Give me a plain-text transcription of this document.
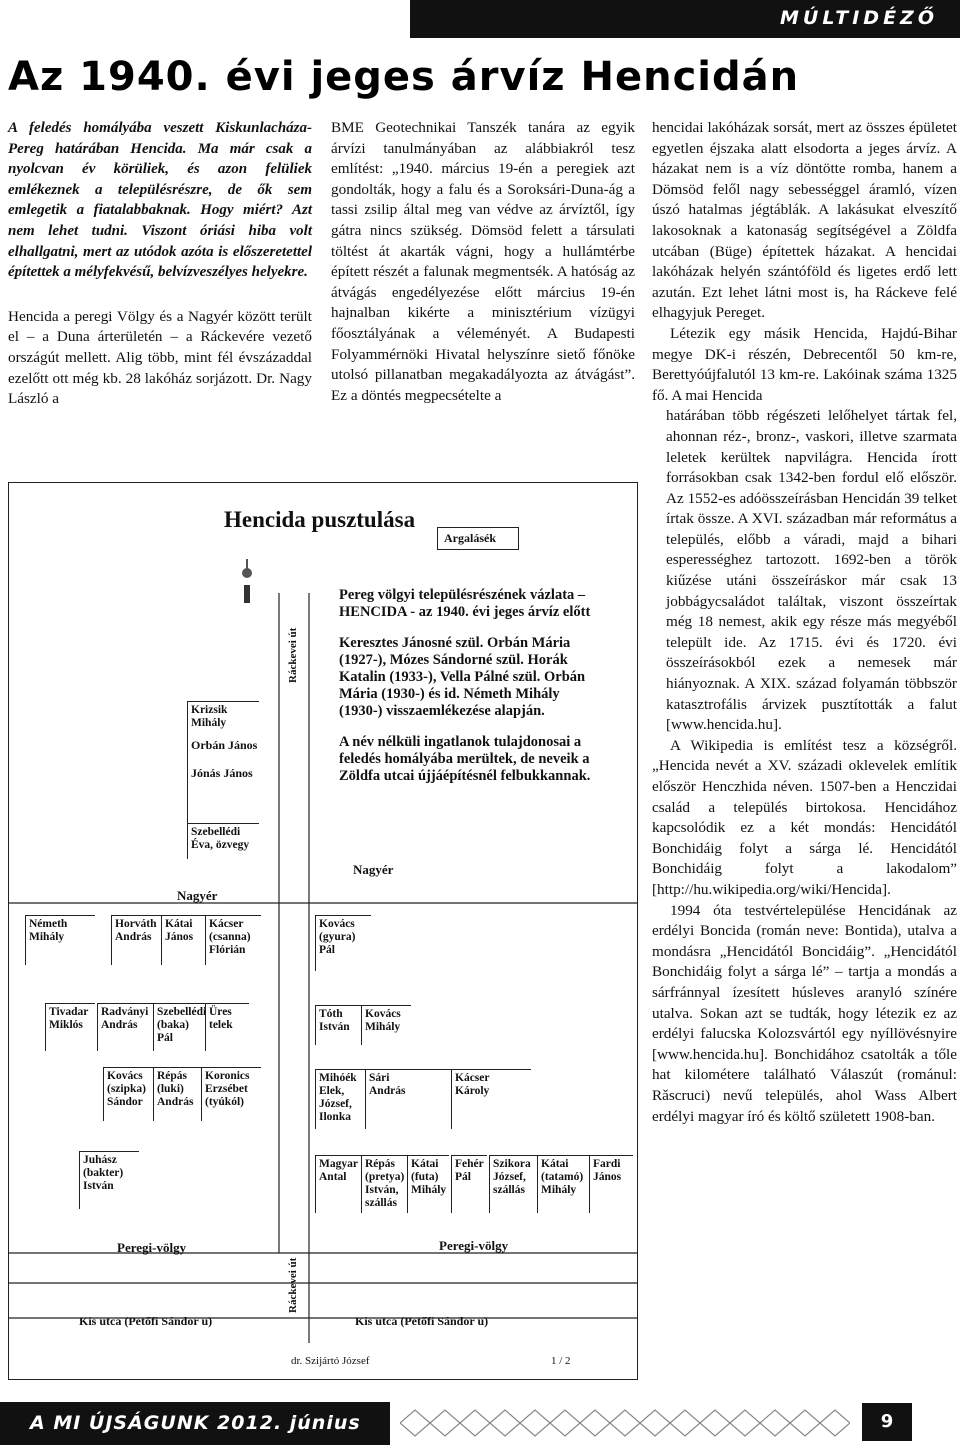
MÚLTIDÉZŐ
Az 1940. évi jeges árvíz Hencidán

A feledés homályába veszett Kiskunlacháza-Pereg határában Hencida. Ma már csak a nyolcvan év körüliek, és azon felüliek emlékeznek a településrészre, de ők sem emlegetik a fiatalabbaknak. Hogy miért? Azt nem lehet tudni. Viszont óriási hiba volt elhallgatni, mert az utódok azóta is előszeretettel építettek a mélyfekvésű, belvízveszélyes helyekre.

Hencida a peregi Völgy és a Nagyér között terült el – a Duna árterületén – a Ráckevére vezető országút mellett. Alig több, mint fél évszázaddal ezelőtt ott még kb. 28 lakóház sorjázott. Dr. Nagy László a

BME Geotechnikai Tanszék tanára az egyik árvízi tanulmányában az alábbiakról tesz említést: „1940. március 19-én a peregiek azt gondolták, hogy a falu és a Soroksári-Duna-ág a tassi zsilip által meg van védve az árvíztől, így gátra nincs szükség. Dömsöd felett a társulati töltést át akarták vágni, hogy a hullámtérbe épített részét a falunak megmentsék. A hatóság az átvágás engedélyezése előtt március 19-én hajnalban kikérte a minisztérium vízügyi főosztályának a véleményét. A Budapesti Folyammérnöki Hivatal helyszínre siető főnöke utolsó pillanatban megakadályozta az átvágást”. Ez a döntés megpecsételte a

hencidai lakóházak sorsát, mert az összes épületet egyetlen éjszaka alatt elsodorta a jeges árvíz. A házakat nem is a víz döntötte romba, hanem a Dömsöd felől nagy sebességgel áramló, vízen úszó hatalmas jégtáblák. A lakásukat elveszítő lakosoknak a katonaság segítségével a Zöldfa utcában (Büge) építettek házakat. A hencidai lakóházak helyén szántóföld és ligetes erdő lett azután. Ezt lehet látni most is, ha Ráckeve felé elhagyjuk Pereget.

Létezik egy másik Hencida, Hajdú-Bihar megye DK-i részén, Debrecentől 50 km-re, Berettyóújfalutól 13 km-re. Lakóinak száma 1325 fő. A mai Hencida

határában több régészeti lelőhelyet tártak fel, ahonnan réz-, bronz-, vaskori, illetve szarmata leletek kerültek napvilágra. Hencida írott forrásokban csak 1342-ben fordul elő először. Az 1552-es adóösszeírásban Hencidán 39 telket írtak össze. A XVI. században már református a település, előbb a váradi, majd a bihari esperességhez tartozott. 1692-ben a török kiűzése utáni összeíráskor már csak 13 jobbágycsaládot találtak, viszont összeírtak még 18 nemest, akik egy része más megyéből települt ide. Az 1715. évi és 1720. évi összeírásokból ezek a nemesek már hiányoznak. A XIX. század folyamán többször katasztrofális árvizek pusztították a falut [www.hencida.hu].

A Wikipedia is említést tesz a községről. „Hencida nevét a XV. századi oklevelek említik először Henczhida néven. 1507-ben a Henczidai család a település birtokosa. Hencidához kapcsolódik ez a két mondás: Hencidától Bonchidáig folyt a sárga lé. Hencidától Bonchidáig folyt a lakodalom” [http://hu.wikipedia.org/wiki/Hencida].

1994 óta testvértelepülése Hencidának az erdélyi Boncida (román neve: Bontida), utalva a mondásra „Hencidától Boncidáig”. „Hencidától Bonchidáig folyt a sárga lé” – tartja a mondás a sárfránnyal ízesített húsleves aranyló színére utalva. Sokan azt se tudták, hogy létezik ez az erdélyi falucska Kolozsvártól egy nyíllövésnyire [www.hencida.hu]. Bonchidához csatolták a tőle hat kilométere található Válaszút (románul: Rǎscruci) nevű település, ahol Wass Albert erdélyi magyar író és költő született 1908-ban.

Hencida pusztulása
Argalásék

Pereg völgyi településrészének vázlata – HENCIDA - az 1940. évi jeges árvíz előtt

Keresztes Jánosné szül. Orbán Mária (1927-), Mózes Sándorné szül. Horák Katalin (1933-), Vella Pálné szül. Orbán Mária (1930-) és id. Németh Mihály (1930-) visszaemlékezése alapján.

A név nélküli ingatlanok tulajdonosai a feledés homályába merültek, de neveik a Zöldfa utcai újjáépítésnél felbukkannak.

Ráckevei út
Ráckevei út
Krizsik
Mihály
Orbán János
Jónás János
Szebellédi
Éva, özvegy
Nagyér
Nagyér
Németh
Mihály
Horváth
András
Kátai
János
Kácser
(csanna)
Flórián
Tivadar
Miklós
Radványi
András
Szebellédi
(baka)
Pál
Üres
telek
Kovács
(szipka)
Sándor
Répás
(luki)
András
Koronics
Erzsébet
(tyúkól)
Juhász
(bakter)
István
Kovács
(gyura)
Pál
Tóth
István
Kovács
Mihály
Mihóék
Elek,
József,
Ilonka
Sári
András
Kácser
Károly
Magyar
Antal
Répás
(pretya)
István,
szállás
Kátai
(futa)
Mihály
Fehér
Pál
Szikora
József,
szállás
Kátai
(tatamó)
Mihály
Fardi
János
Peregi-völgy	Peregi-völgy
Kis utca (Petőfi Sándor u)	Kis utca (Petőfi Sándor u)
dr. Szijártó József	1 / 2
A MI ÚJSÁGUNK 2012. június	9
